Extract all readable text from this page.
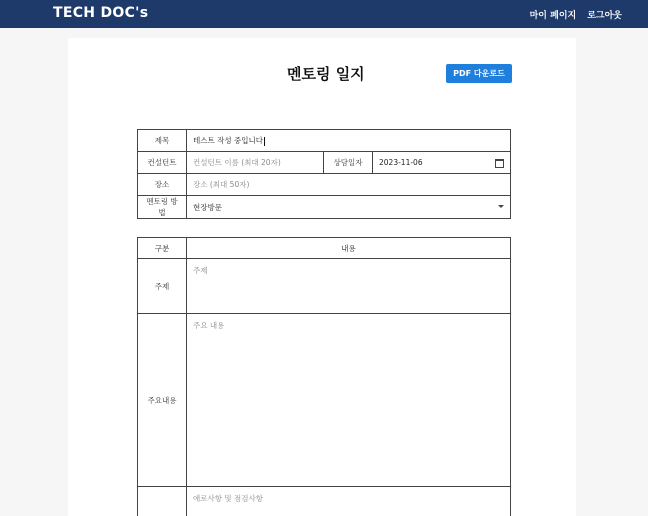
TECH DOC's	마이 페이지 로그아웃
멘토링 일지	PDF 다운로드
제목	테스트 작성 중입니다		
컨설턴트	컨설턴트 이름 (최대 20자)	상담일자	2023-11-06

장소	장소 (최대 50자)		
멘토링 방법	현장방문		
구분	내용
주제	주제

주요내용	주요 내용

	애로사항 및 점검사항
